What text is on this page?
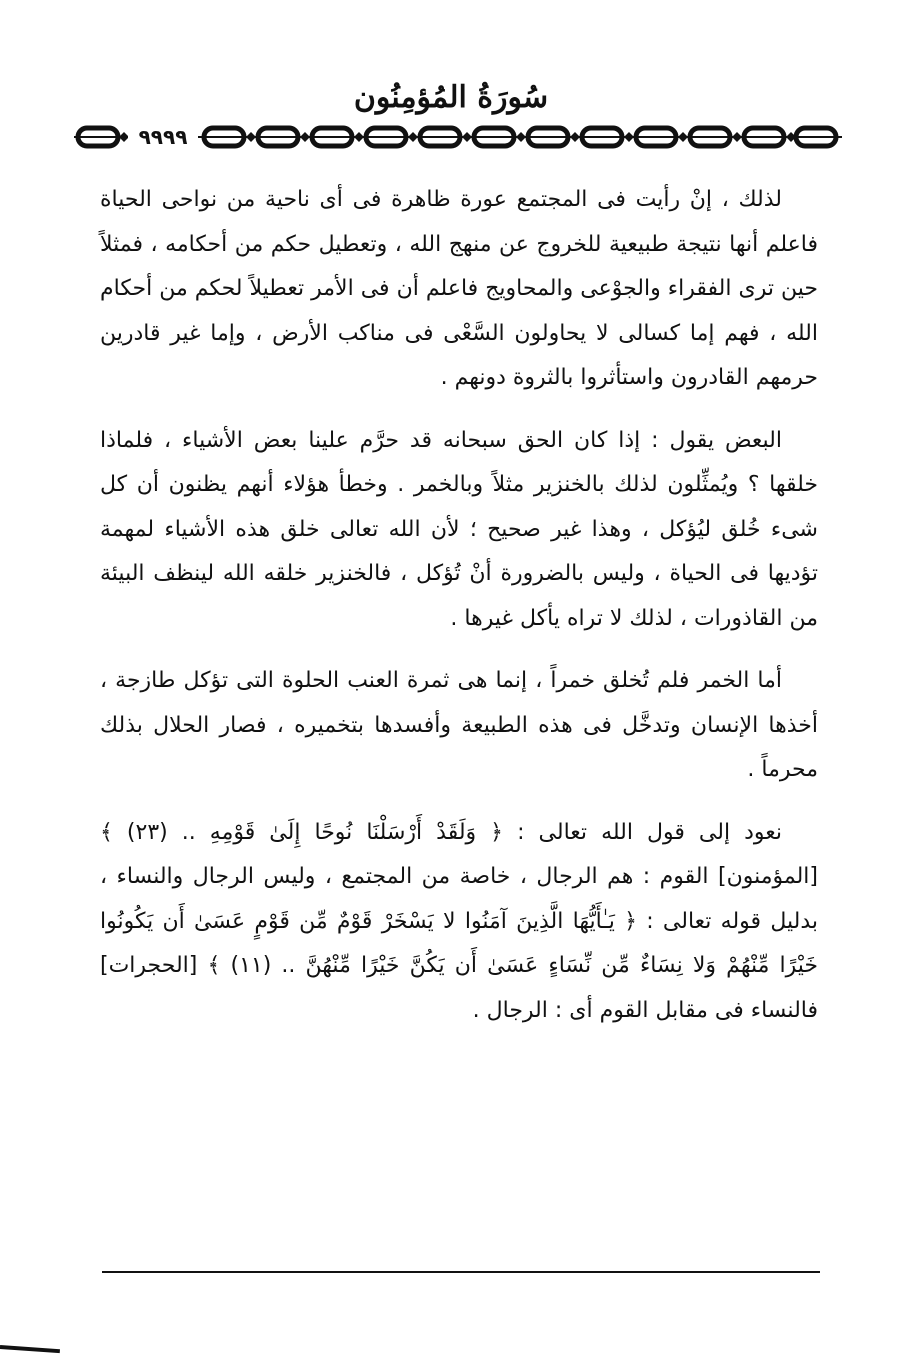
سُورَةُ المُؤمِنُون
٩٩٩٩

لذلك ، إنْ رأيت فى المجتمع عورة ظاهرة فى أى ناحية من نواحى الحياة فاعلم أنها نتيجة طبيعية للخروج عن منهج الله ، وتعطيل حكم من أحكامه ، فمثلاً حين ترى الفقراء والجوْعى والمحاويج فاعلم أن فى الأمر تعطيلاً لحكم من أحكام الله ، فهم إما كسالى لا يحاولون السَّعْى فى مناكب الأرض ، وإما غير قادرين حرمهم القادرون واستأثروا بالثروة دونهم .

البعض يقول : إذا كان الحق سبحانه قد حرَّم علينا بعض الأشياء ، فلماذا خلقها ؟ ويُمثِّلون لذلك بالخنزير مثلاً وبالخمر . وخطأ هؤلاء أنهم يظنون أن كل شىء خُلق ليُؤكل ، وهذا غير صحيح ؛ لأن الله تعالى خلق هذه الأشياء لمهمة تؤديها فى الحياة ، وليس بالضرورة أنْ تُؤكل ، فالخنزير خلقه الله لينظف البيئة من القاذورات ، لذلك لا تراه يأكل غيرها .

أما الخمر فلم تُخلق خمراً ، إنما هى ثمرة العنب الحلوة التى تؤكل طازجة ، أخذها الإنسان وتدخَّل فى هذه الطبيعة وأفسدها بتخميره ، فصار الحلال بذلك محرماً .

نعود إلى قول الله تعالى : ﴿ وَلَقَدْ أَرْسَلْنَا نُوحًا إِلَىٰ قَوْمِهِ .. (٢٣) ﴾ [المؤمنون] القوم : هم الرجال ، خاصة من المجتمع ، وليس الرجال والنساء ، بدليل قوله تعالى : ﴿ يَـٰأَيُّهَا الَّذِينَ آمَنُوا لا يَسْخَرْ قَوْمٌ مِّن قَوْمٍ عَسَىٰ أَن يَكُونُوا خَيْرًا مِّنْهُمْ وَلا نِسَاءٌ مِّن نِّسَاءٍ عَسَىٰ أَن يَكُنَّ خَيْرًا مِّنْهُنَّ .. (١١) ﴾ [الحجرات] فالنساء فى مقابل القوم أى : الرجال .
